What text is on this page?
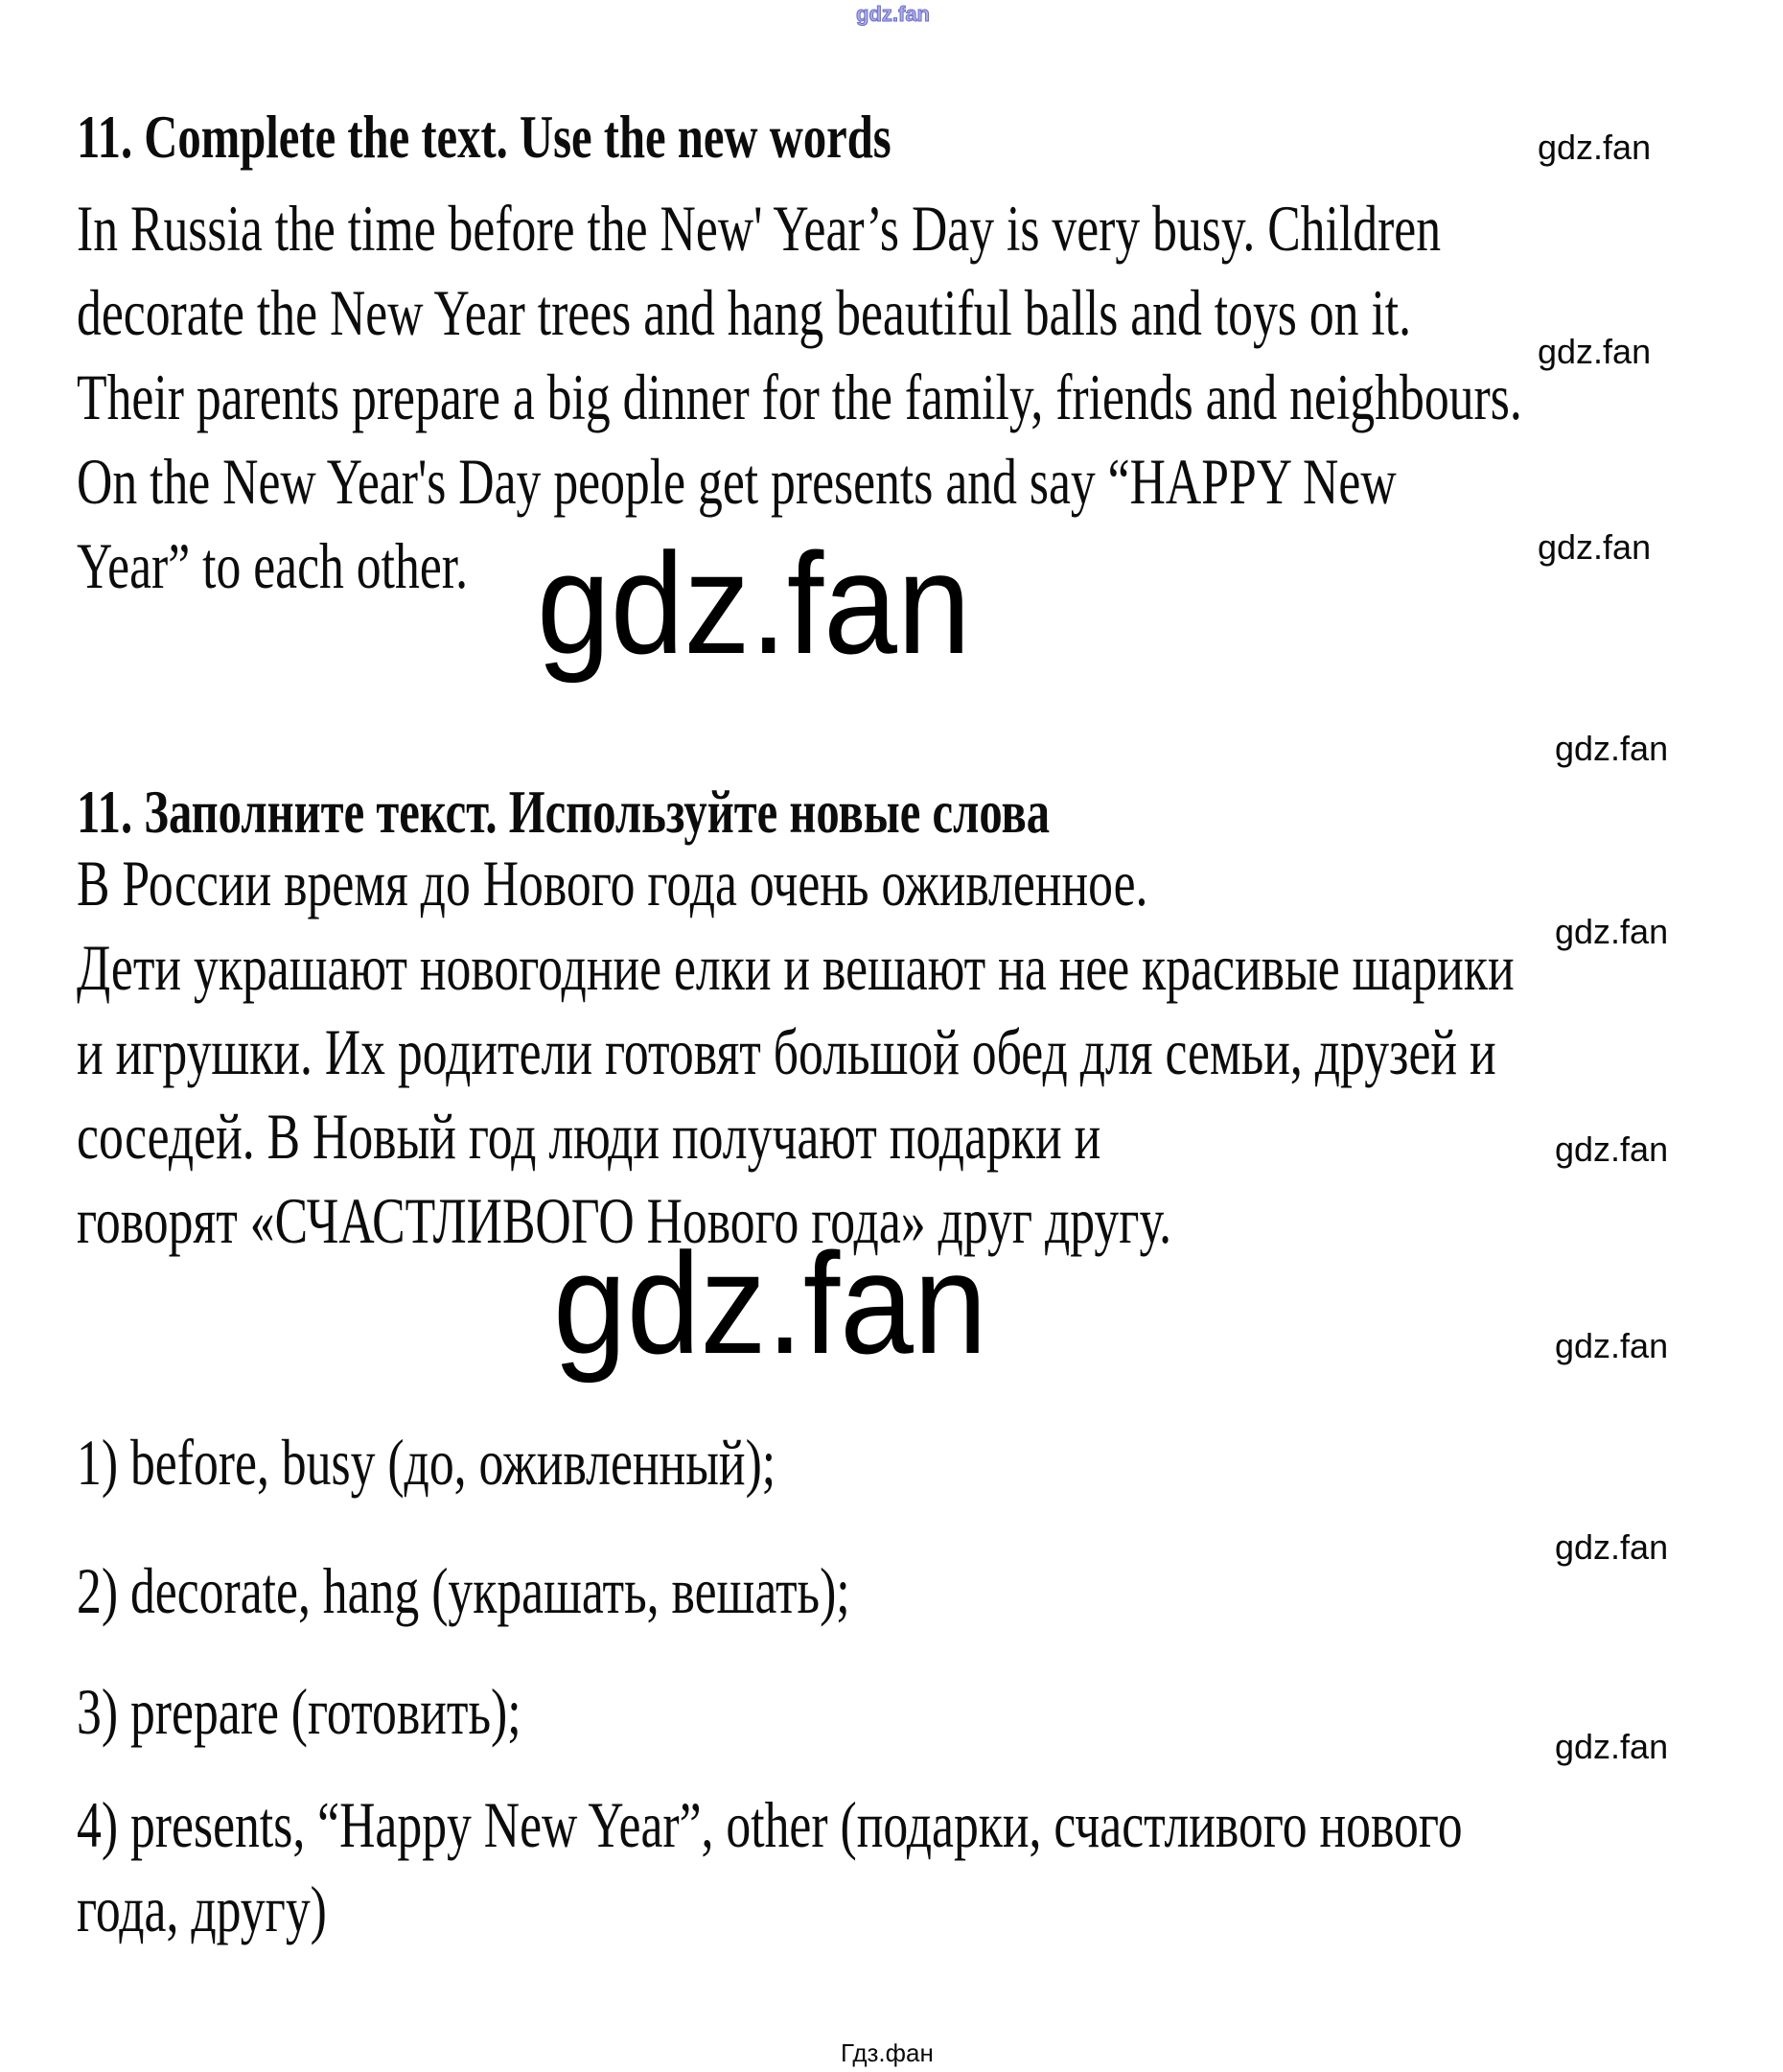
gdz.fan
11. Complete the text. Use the new words
In Russia the time before the New' Year’s Day is very busy. Children
decorate the New Year trees and hang beautiful balls and toys on it.
Their parents prepare a big dinner for the family, friends and neighbours.
On the New Year's Day people get presents and say “HAPPY New
Year” to each other. gdz.fan
11. Заполните текст. Используйте новые слова
В России время до Нового года очень оживленное.
Дети украшают новогодние елки и вешают на нее красивые шарики
и игрушки. Их родители готовят большой обед для семьи, друзей и
соседей. В Новый год люди получают подарки и
говорят «СЧАСТЛИВОГО Нового года» друг другу.
gdz.fan
1) before, busy (до, оживленный);
2) decorate, hang (украшать, вешать);
3) prepare (готовить);
4) presents, “Happy New Year”, other (подарки, счастливого нового
года, другу)
gdz.fan
gdz.fan
gdz.fan
gdz.fan
gdz.fan
gdz.fan
gdz.fan
gdz.fan
gdz.fan
Гдз.фан
